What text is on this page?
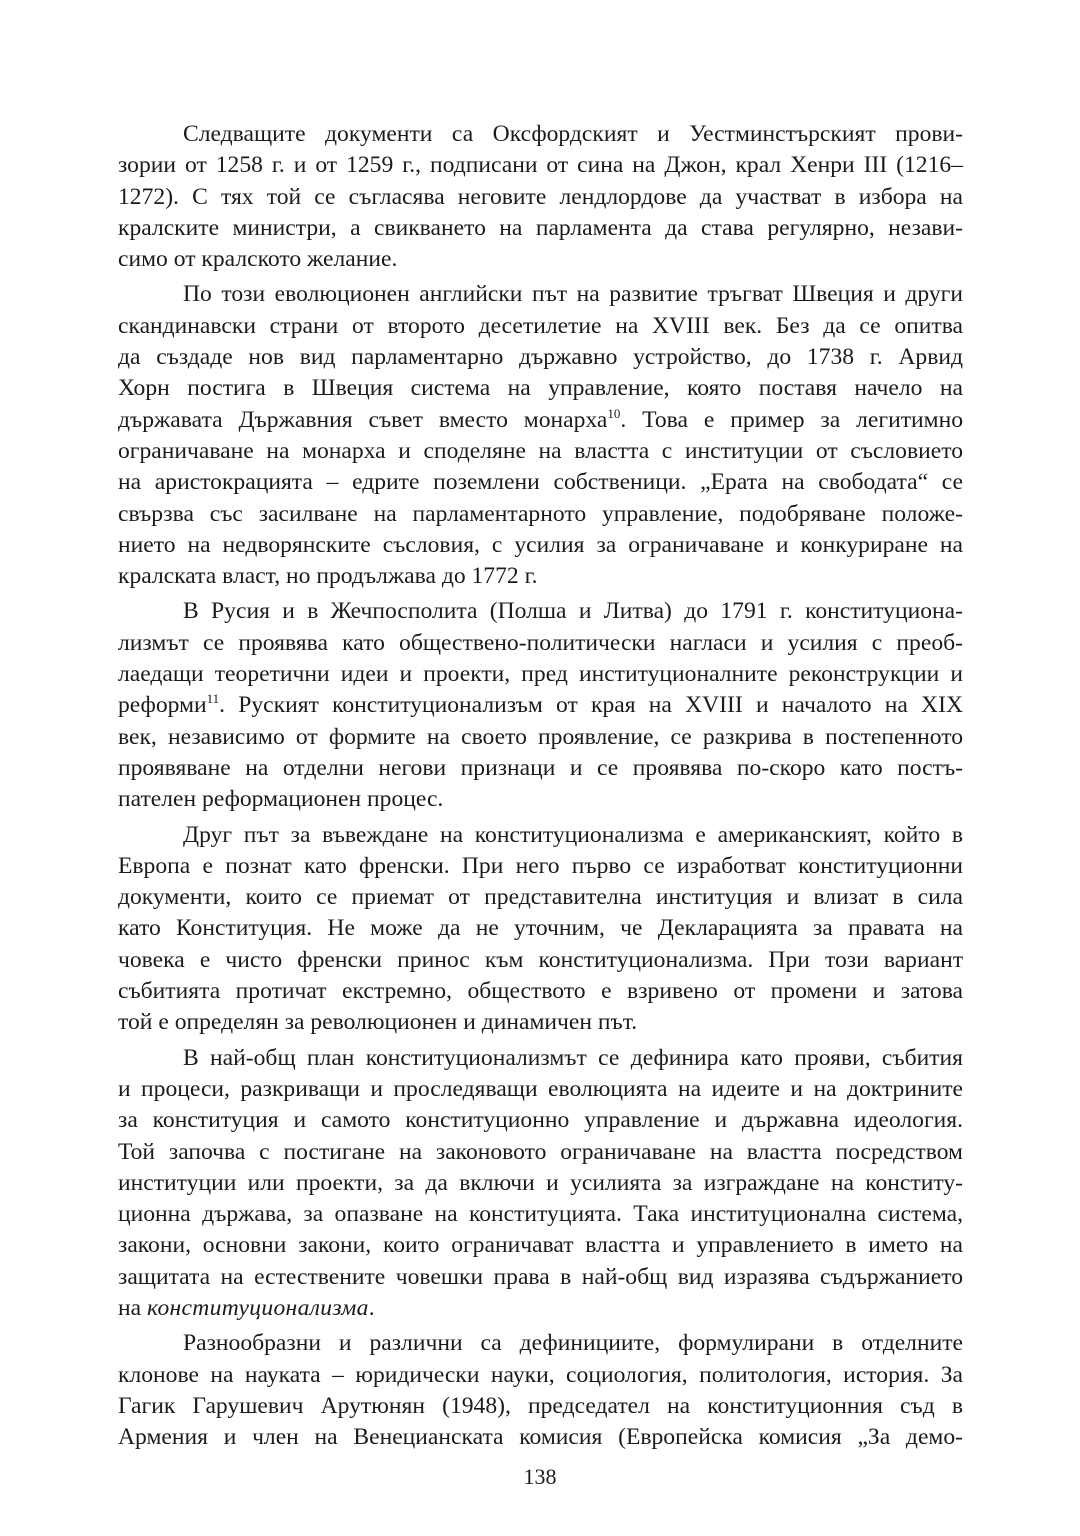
Следващите документи са Оксфордският и Уестминстърският прови-
зории от 1258 г. и от 1259 г., подписани от сина на Джон, крал Хенри III (1216–
1272). С тях той се съгласява неговите лендлордове да участват в избора на
кралските министри, а свикването на парламента да става регулярно, незави-
симо от кралското желание.
По този еволюционен английски път на развитие тръгват Швеция и други
скандинавски страни от второто десетилетие на XVIII век. Без да се опитва
да създаде нов вид парламентарно държавно устройство, до 1738 г. Арвид
Хорн постига в Швеция система на управление, която поставя начело на
държавата Държавния съвет вместо монарха$^{10}$. Това е пример за легитимно
ограничаване на монарха и споделяне на властта с институции от съсловието
на аристокрацията – едрите поземлени собственици. „Ерата на свободата“ се
свързва със засилване на парламентарното управление, подобряване положе-
нието на недворянските съсловия, с усилия за ограничаване и конкуриране на
кралската власт, но продължава до 1772 г.
В Русия и в Жечпосполита (Полша и Литва) до 1791 г. конституциона-
лизмът се проявява като обществено-политически нагласи и усилия с преоб-
лаедащи теоретични идеи и проекти, пред институционалните реконструкции и
реформи$^{11}$. Руският конституционализъм от края на XVIII и началото на XIX
век, независимо от формите на своето проявление, се разкрива в постепенното
проявяване на отделни негови признаци и се проявява по-скоро като постъ-
пателен реформационен процес.
Друг път за въвеждане на конституционализма е американският, който в
Европа е познат като френски. При него първо се изработват конституционни
документи, които се приемат от представителна институция и влизат в сила
като Конституция. Не може да не уточним, че Декларацията за правата на
човека е чисто френски принос към конституционализма. При този вариант
събитията протичат екстремно, обществото е взривено от промени и затова
той е определян за революционен и динамичен път.
В най-общ план конституционализмът се дефинира като прояви, събития
и процеси, разкриващи и проследяващи еволюцията на идеите и на доктрините
за конституция и самото конституционно управление и държавна идеология.
Той започва с постигане на законовото ограничаване на властта посредством
институции или проекти, за да включи и усилията за изграждане на конститу-
ционна държава, за опазване на конституцията. Така институционална система,
закони, основни закони, които ограничават властта и управлението в името на
защитата на естествените човешки права в най-общ вид изразява съдържанието
на конституционализма.
Разнообразни и различни са дефинициите, формулирани в отделните
клонове на науката – юридически науки, социология, политология, история. За
Гагик Гарушевич Арутюнян (1948), председател на конституционния съд в
Армения и член на Венецианската комисия (Европейска комисия „За демо-
138
